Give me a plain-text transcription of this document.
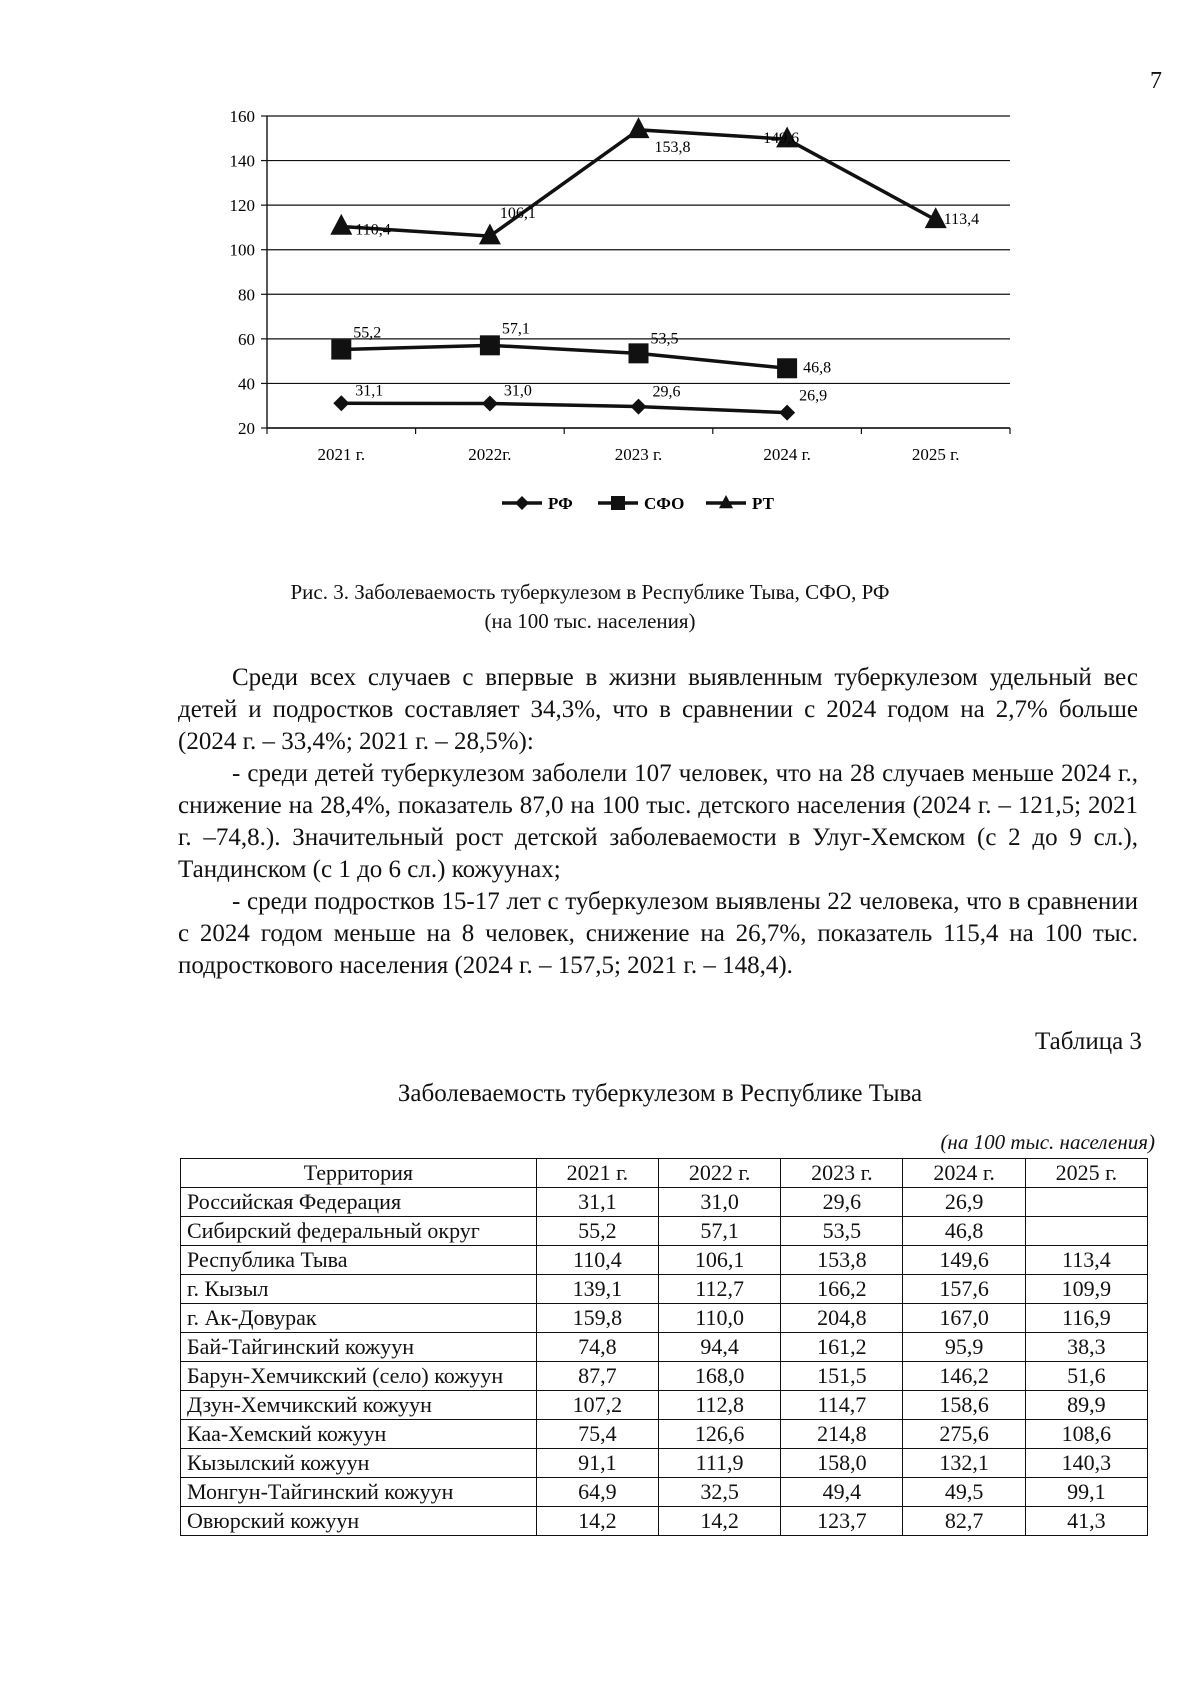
7
20
40
60
80
100
120
140
160
2021 г.	2022г.	2023 г.	2024 г.	2025 г.
31,1	31,0	29,6	26,9
55,2	57,1
53,5
46,8
110,4
106,1
153,8
149,6
113,4
РФ	СФО	РТ
Рис. 3. Заболеваемость туберкулезом в Республике Тыва, СФО, РФ
(на 100 тыс. населения)

Среди всех случаев с впервые в жизни выявленным туберкулезом удельный вес детей и подростков составляет 34,3%, что в сравнении с 2024 годом на 2,7% больше (2024 г. – 33,4%; 2021 г. – 28,5%):

- среди детей туберкулезом заболели 107 человек, что на 28 случаев меньше 2024 г., снижение на 28,4%, показатель 87,0 на 100 тыс. детского населения (2024 г. – 121,5; 2021 г. –74,8.). Значительный рост детской заболеваемости в Улуг-Хемском (с 2 до 9 сл.), Тандинском (с 1 до 6 сл.) кожуунах;

- среди подростков 15-17 лет с туберкулезом выявлены 22 человека, что в сравнении с 2024 годом меньше на 8 человек, снижение на 26,7%, показатель 115,4 на 100 тыс. подросткового населения (2024 г. – 157,5; 2021 г. – 148,4).

Таблица 3
Заболеваемость туберкулезом в Республике Тыва
(на 100 тыс. населения)
Территория	2021 г.	2022 г.	2023 г.	2024 г.	2025 г.
Российская Федерация	31,1	31,0	29,6	26,9	
Сибирский федеральный округ	55,2	57,1	53,5	46,8	
Республика Тыва	110,4	106,1	153,8	149,6	113,4
г. Кызыл	139,1	112,7	166,2	157,6	109,9
г. Ак-Довурак	159,8	110,0	204,8	167,0	116,9
Бай-Тайгинский кожуун	74,8	94,4	161,2	95,9	38,3
Барун-Хемчикский (село) кожуун	87,7	168,0	151,5	146,2	51,6
Дзун-Хемчикский кожуун	107,2	112,8	114,7	158,6	89,9
Каа-Хемский кожуун	75,4	126,6	214,8	275,6	108,6
Кызылский кожуун	91,1	111,9	158,0	132,1	140,3
Монгун-Тайгинский кожуун	64,9	32,5	49,4	49,5	99,1
Овюрский кожуун	14,2	14,2	123,7	82,7	41,3
